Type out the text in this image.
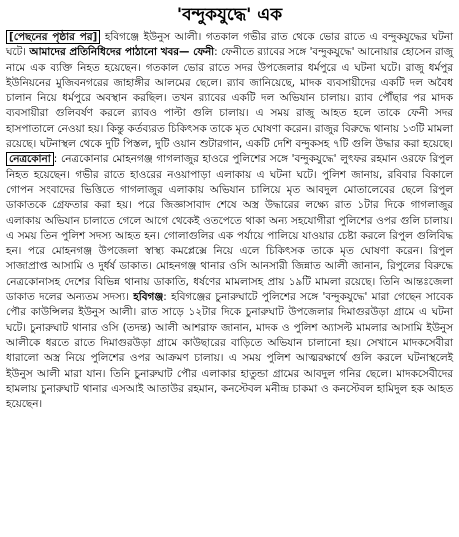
'বন্দুকযুদ্ধে' এক

[পেছনের পৃষ্ঠার পর] হবিগঞ্জে ইউনুস আলী। গতকাল গভীর রাত থেকে ভোর রাতে এ বন্দুকযুদ্ধের ঘটনা ঘটে। আমাদের প্রতিনিধিদের পাঠানো খবর— ফেনী: ফেনীতে র‌্যাবের সঙ্গে 'বন্দুকযুদ্ধে' আনোয়ার হোসেন রাজু নামে এক ব্যক্তি নিহত হয়েছেন। গতকাল ভোর রাতে সদর উপজেলার ধর্মপুরে এ ঘটনা ঘটে। রাজু ধর্মপুর ইউনিয়নের মুজিবনগরের জাহাঙ্গীর আলমের ছেলে। র‌্যাব জানিয়েছে, মাদক ব্যবসায়ীদের একটি দল অবৈধ চালান নিয়ে ধর্মপুরে অবস্থান করছিল। তখন র‌্যাবের একটি দল অভিযান চালায়। র‌্যাব পৌঁছার পর মাদক ব্যবসায়ীরা গুলিবর্ষণ করলে র‌্যাবও পাল্টা গুলি চালায়। এ সময় রাজু আহত হলে তাকে ফেনী সদর হাসপাতালে নেওয়া হয়। কিন্তু কর্তব্যরত চিকিৎসক তাকে মৃত ঘোষণা করেন। রাজুর বিরুদ্ধে থানায় ১৩টি মামলা রয়েছে। ঘটনাস্থল থেকে দুটি পিস্তল, দুটি ওয়ান শুটারগান, একটি দেশি বন্দুকসহ ৭টি গুলি উদ্ধার করা হয়েছে। নেত্রকোনা : নেত্রকোনার মোহনগঞ্জ গাগলাজুর হাওরে পুলিশের সঙ্গে 'বন্দুকযুদ্ধে' লুৎফর রহমান ওরফে রিপুল নিহত হয়েছেন। গভীর রাতে হাওরের নওয়াপাড়া এলাকায় এ ঘটনা ঘটে। পুলিশ জানায়, রবিবার বিকালে গোপন সংবাদের ভিত্তিতে গাগলাজুর এলাকায় অভিযান চালিয়ে মৃত আবদুল মোতালেবের ছেলে রিপুল ডাকাতকে গ্রেফতার করা হয়। পরে জিজ্ঞাসাবাদ শেষে অস্ত্র উদ্ধারের লক্ষ্যে রাত ১টার দিকে গাগলাজুর এলাকায় অভিযান চালাতে গেলে আগে থেকেই ওতপেতে থাকা অন্য সহযোগীরা পুলিশের ওপর গুলি চালায়। এ সময় তিন পুলিশ সদস্য আহত হন। গোলাগুলির এক পর্যায়ে পালিয়ে যাওয়ার চেষ্টা করলে রিপুল গুলিবিদ্ধ হন। পরে মোহনগঞ্জ উপজেলা স্বাস্থ্য কমপ্লেক্সে নিয়ে এলে চিকিৎসক তাকে মৃত ঘোষণা করেন। রিপুল সাজাপ্রাপ্ত আসামি ও দুর্ধর্ষ ডাকাত। মোহনগঞ্জ থানার ওসি আনসারী জিন্নাত আলী জানান, রিপুলের বিরুদ্ধে নেত্রকোনাসহ দেশের বিভিন্ন থানায় ডাকাতি, ধর্ষণের মামলাসহ প্রায় ১৯টি মামলা রয়েছে। তিনি আন্তঃজেলা ডাকাত দলের অন্যতম সদস্য। হবিগঞ্জ: হবিগঞ্জের চুনারুঘাটে পুলিশের সঙ্গে 'বন্দুকযুদ্ধে' মারা গেছেন সাবেক পৌর কাউন্সিলর ইউনুস আলী। রাত সাড়ে ১২টার দিকে চুনারুঘাট উপজেলার দিমাগুরউড়া গ্রামে এ ঘটনা ঘটে। চুনারুঘাট থানার ওসি (তদন্ত) আলী আশরাফ জানান, মাদক ও পুলিশ অ্যাসল্ট মামলার আসামি ইউনুস আলীকে ধরতে রাতে দিমাগুরউড়া গ্রামে কাউছারের বাড়িতে অভিযান চালানো হয়। সেখানে মাদকসেবীরা ধারালো অস্ত্র নিয়ে পুলিশের ওপর আক্রমণ চালায়। এ সময় পুলিশ আত্মরক্ষার্থে গুলি করলে ঘটনাস্থলেই ইউনুস আলী মারা যান। তিনি চুনারুঘাট পৌর এলাকার হাতুন্ডা গ্রামের আবদুল গনির ছেলে। মাদকসেবীদের হামলায় চুনারুঘাট থানার এসআই আতাউর রহমান, কনস্টেবল মনীন্দ্র চাকমা ও কনস্টেবল হামিদুল হক আহত হয়েছেন।
